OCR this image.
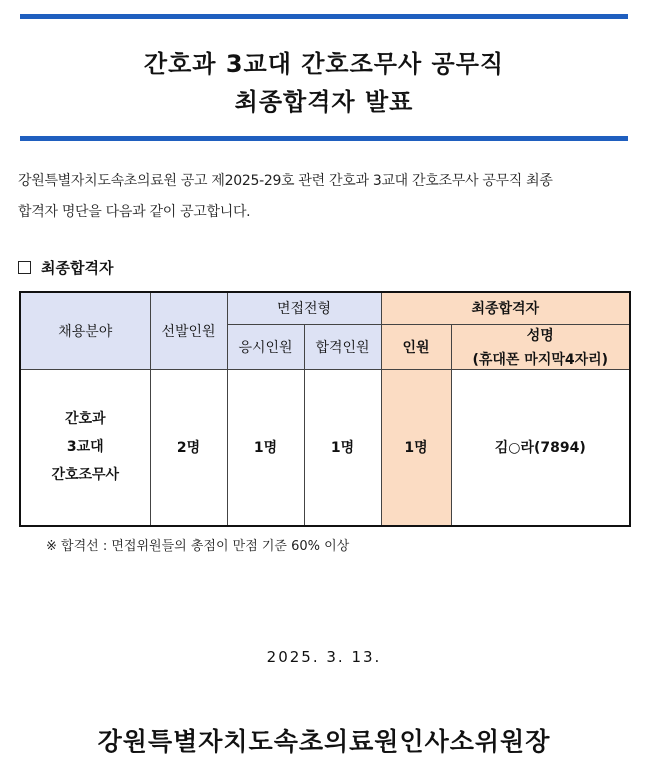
간호과 3교대 간호조무사 공무직
최종합격자 발표
강원특별자치도속초의료원 공고 제2025-29호 관련 간호과 3교대 간호조무사 공무직 최종
합격자 명단을 다음과 같이 공고합니다.
최종합격자
채용분야	선발인원	면접전형		최종합격자	
		응시인원	합격인원	인원	성명
(휴대폰 마지막4자리)

간호과
3교대
간호조무사	2명	1명	1명	1명	김○라(7894)
※ 합격선 : 면접위원들의 총점이 만점 기준 60% 이상
2025. 3. 13.
강원특별자치도속초의료원인사소위원장
